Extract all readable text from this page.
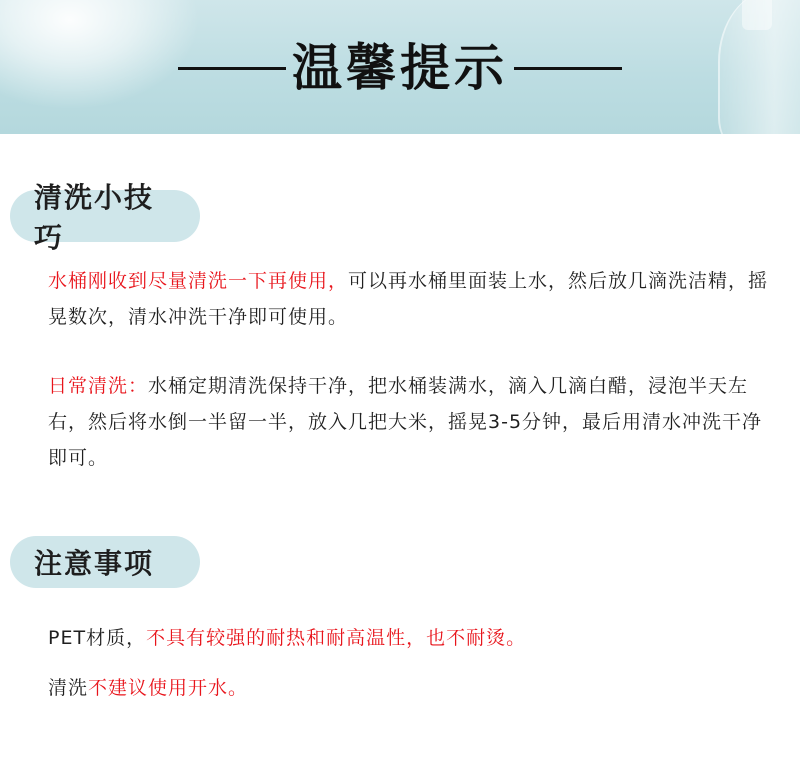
温馨提示
清洗小技巧
水桶刚收到尽量清洗一下再使用，可以再水桶里面装上水，然后放几滴洗洁精，摇晃数次，清水冲洗干净即可使用。
日常清洗：水桶定期清洗保持干净，把水桶装满水，滴入几滴白醋，浸泡半天左右，然后将水倒一半留一半，放入几把大米，摇晃3-5分钟，最后用清水冲洗干净即可。
注意事项
PET材质，不具有较强的耐热和耐高温性，也不耐烫。
清洗不建议使用开水。
